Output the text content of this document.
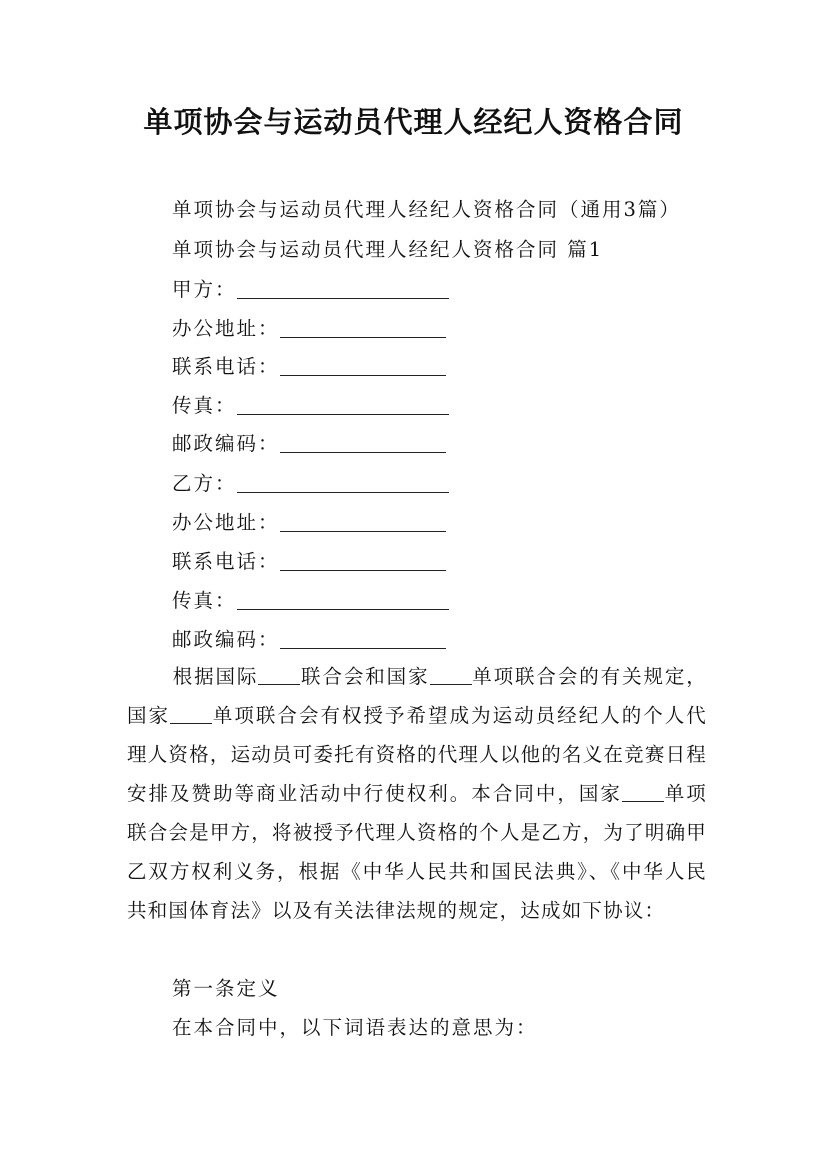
单项协会与运动员代理人经纪人资格合同
单项协会与运动员代理人经纪人资格合同（通用3篇）
单项协会与运动员代理人经纪人资格合同 篇1
甲方：
办公地址：
联系电话：
传真：
邮政编码：
乙方：
办公地址：
联系电话：
传真：
邮政编码：
根据国际 联合会和国家 单项联合会的有关规定，国家 单项联合会有权授予希望成为运动员经纪人的个人代理人资格，运动员可委托有资格的代理人以他的名义在竞赛日程安排及赞助等商业活动中行使权利。本合同中，国家 单项联合会是甲方，将被授予代理人资格的个人是乙方，为了明确甲乙双方权利义务，根据《中华人民共和国民法典》、《中华人民共和国体育法》以及有关法律法规的规定，达成如下协议：
第一条定义
在本合同中，以下词语表达的意思为：
